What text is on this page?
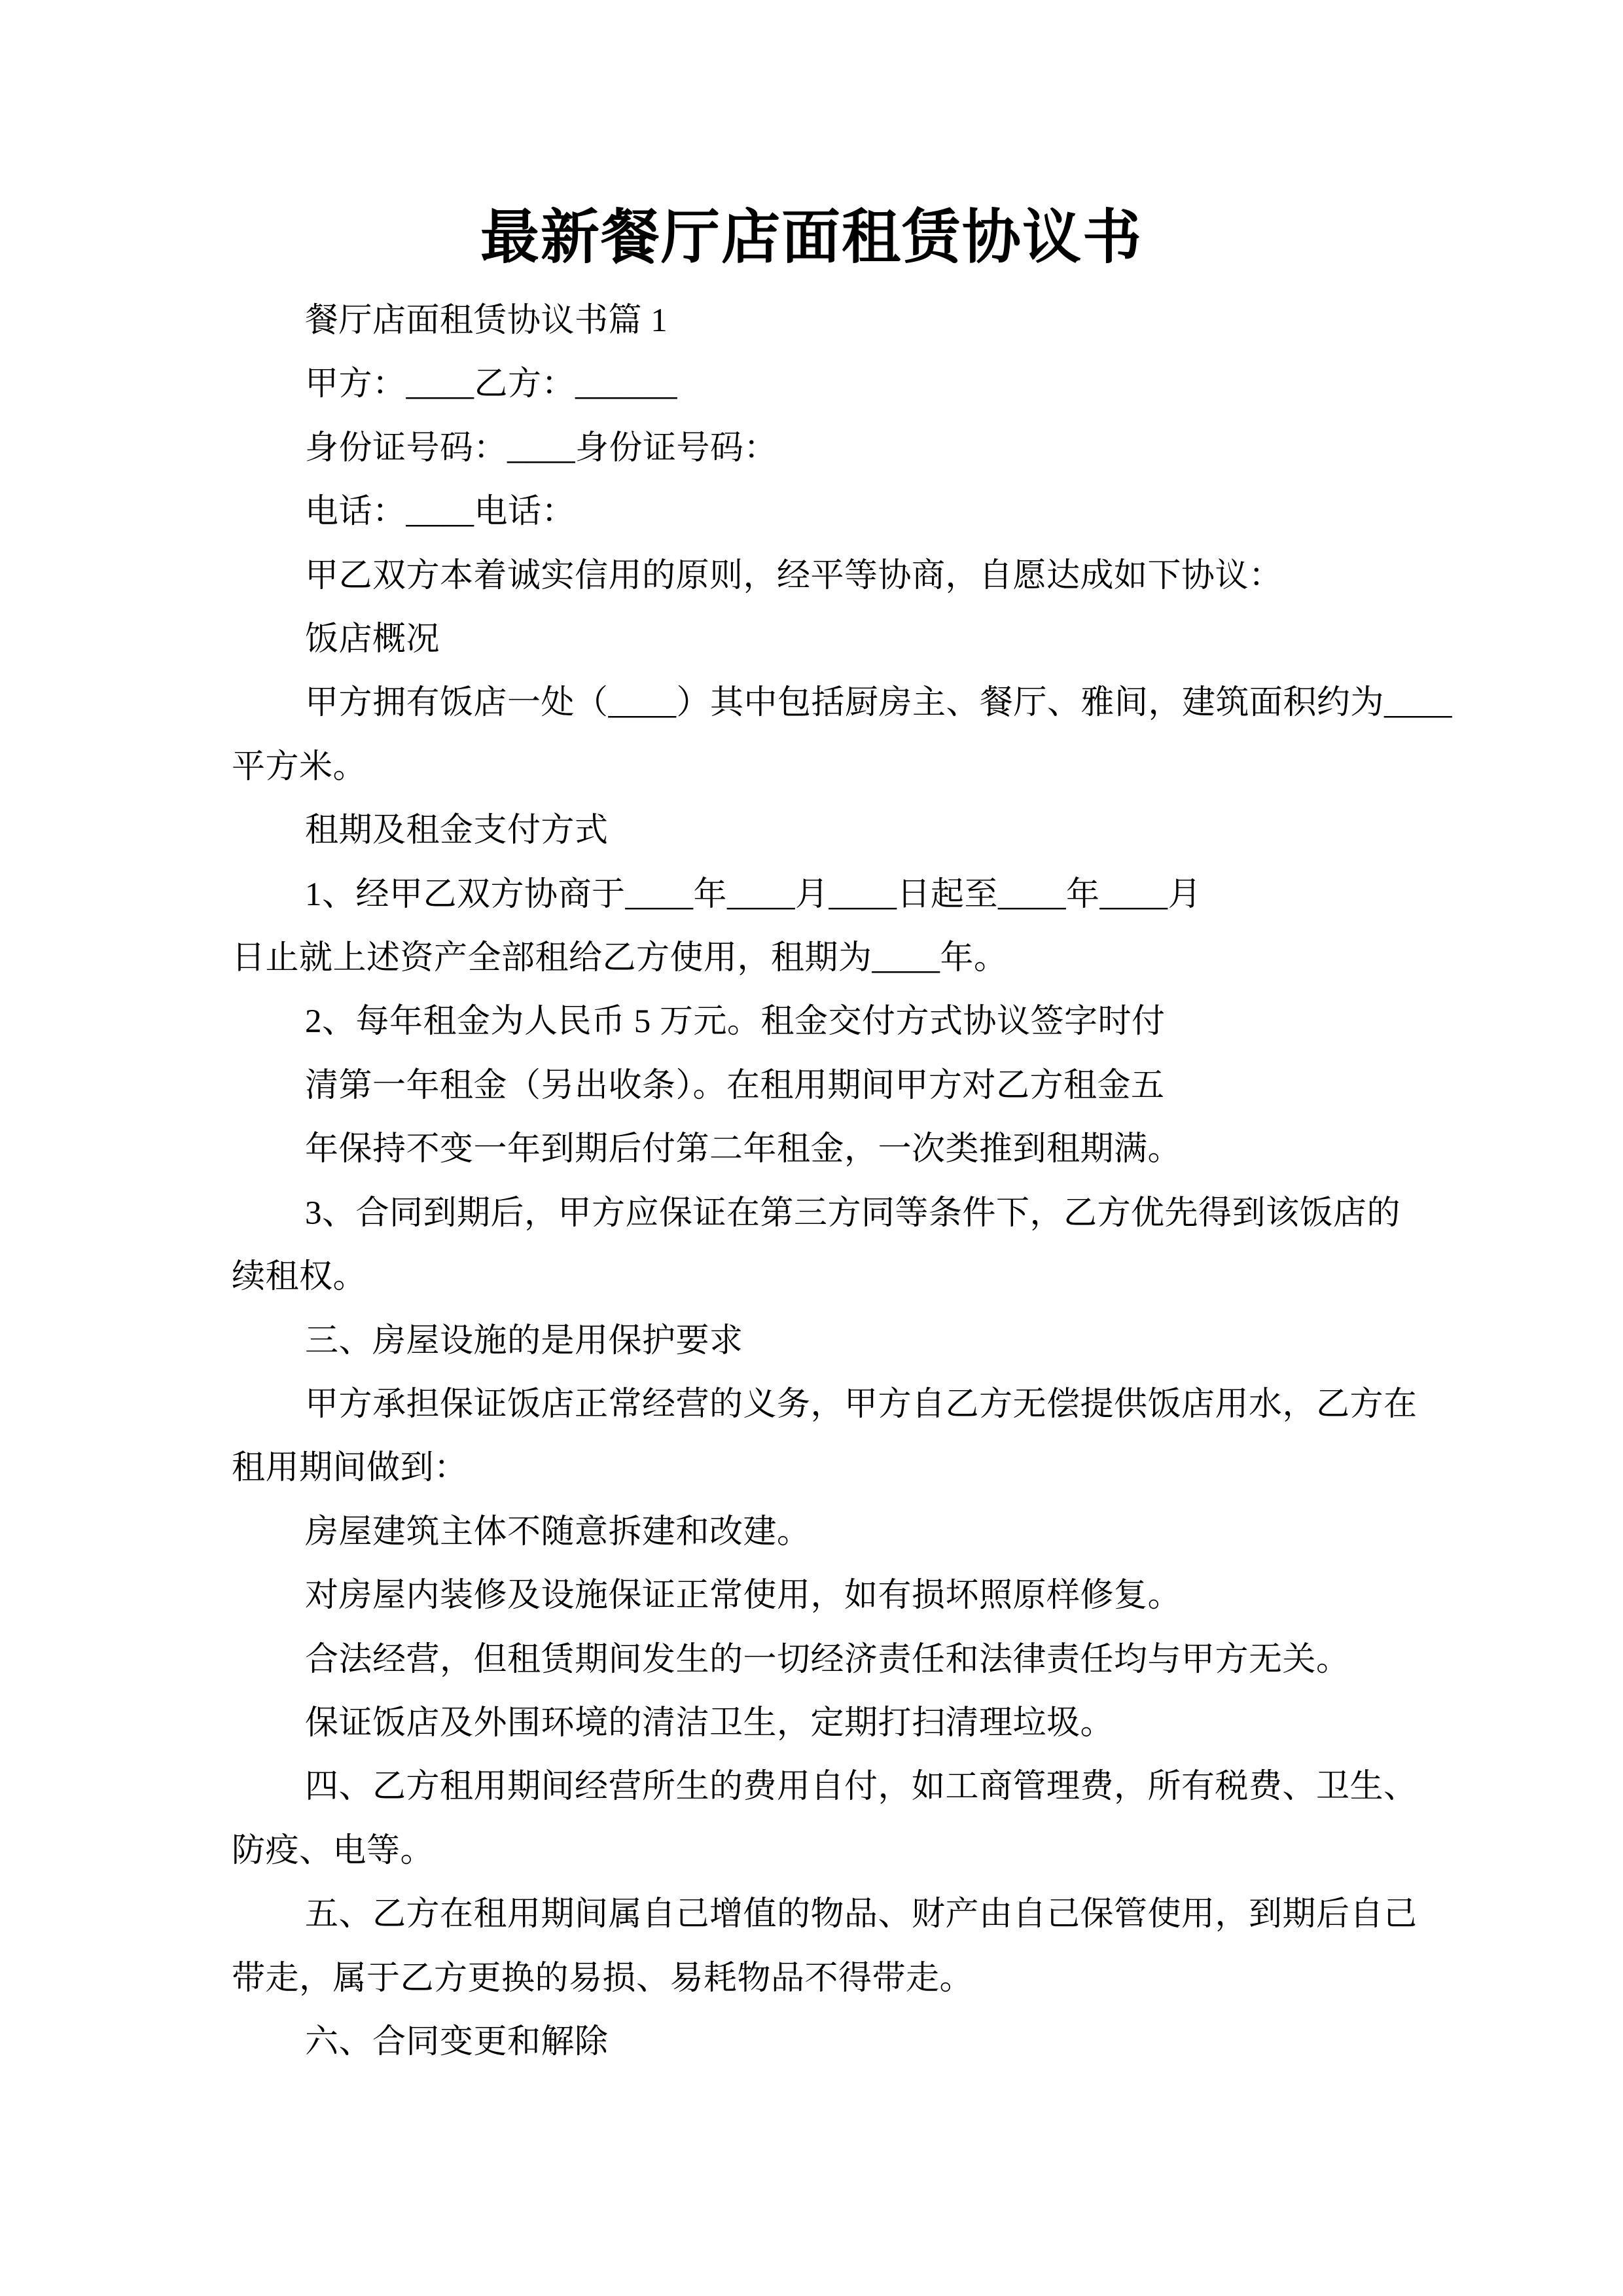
最新餐厅店面租赁协议书
餐厅店面租赁协议书篇 1
甲方：____乙方：______
身份证号码：____身份证号码：
电话：____电话：
甲乙双方本着诚实信用的原则，经平等协商，自愿达成如下协议：
饭店概况
甲方拥有饭店一处（____）其中包括厨房主、餐厅、雅间，建筑面积约为____
平方米。
租期及租金支付方式
1、经甲乙双方协商于____年____月____日起至____年____月
日止就上述资产全部租给乙方使用，租期为____年。
2、每年租金为人民币 5 万元。租金交付方式协议签字时付
清第一年租金（另出收条）。在租用期间甲方对乙方租金五
年保持不变一年到期后付第二年租金，一次类推到租期满。
3、合同到期后，甲方应保证在第三方同等条件下，乙方优先得到该饭店的
续租权。
三、房屋设施的是用保护要求
甲方承担保证饭店正常经营的义务，甲方自乙方无偿提供饭店用水，乙方在
租用期间做到：
房屋建筑主体不随意拆建和改建。
对房屋内装修及设施保证正常使用，如有损坏照原样修复。
合法经营，但租赁期间发生的一切经济责任和法律责任均与甲方无关。
保证饭店及外围环境的清洁卫生，定期打扫清理垃圾。
四、乙方租用期间经营所生的费用自付，如工商管理费，所有税费、卫生、
防疫、电等。
五、乙方在租用期间属自己增值的物品、财产由自己保管使用，到期后自己
带走，属于乙方更换的易损、易耗物品不得带走。
六、合同变更和解除
